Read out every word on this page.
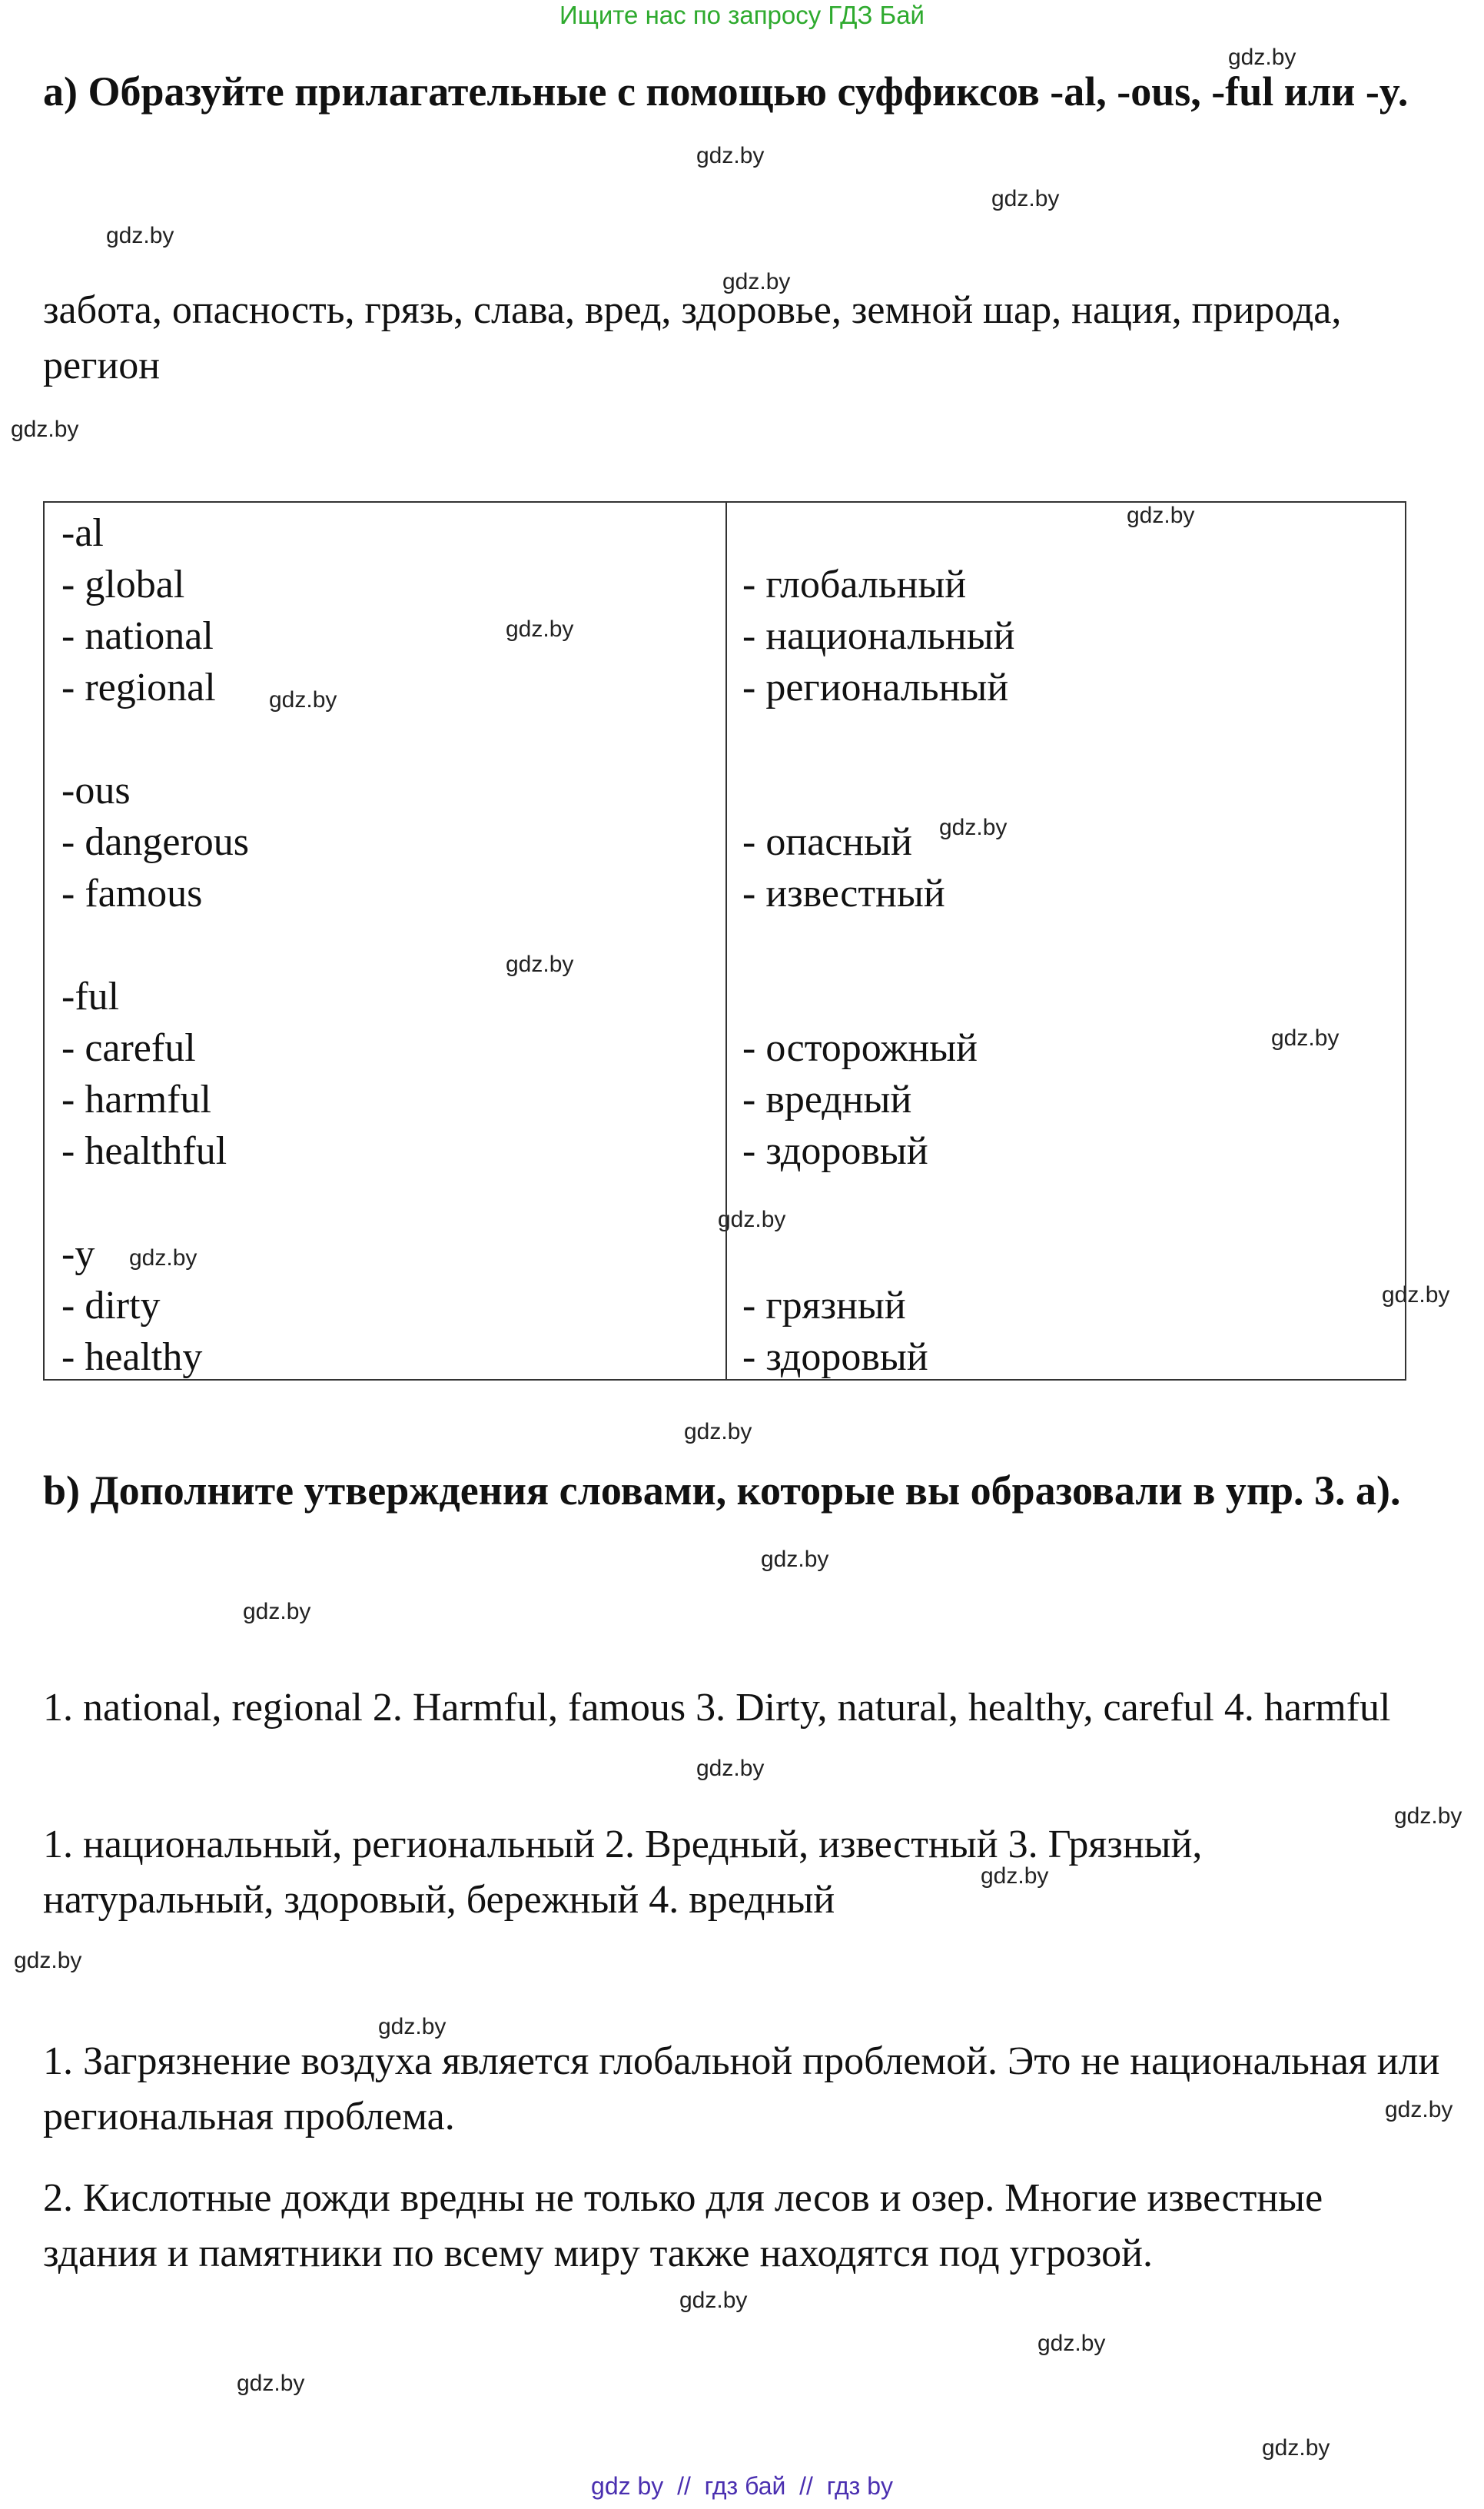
Ищите нас по запросу ГДЗ Бай
gdz.by
gdz.by
gdz.by
gdz.by
gdz.by
gdz.by
gdz.by
gdz.by
gdz.by
gdz.by
gdz.by
gdz.by
gdz.by
gdz.by
gdz.by
gdz.by
gdz.by
gdz.by
gdz.by
gdz.by
gdz.by
gdz.by
gdz.by
gdz.by
gdz.by
gdz.by
gdz.by
gdz.by

a) Образуйте прилагательные с помощью суффиксов -al, -ous, -ful или -y.

забота, опасность, грязь, слава, вред, здоровье, земной шар, нация, природа, регион

-al
- global
- national
- regional
-ous
- dangerous
- famous
-ful
- careful
- harmful
- healthful
-y
- dirty
- healthy
- глобальный
- национальный
- региональный
- опасный
- известный
- осторожный
- вредный
- здоровый
- грязный
- здоровый

b) Дополните утверждения словами, которые вы образовали в упр. 3. a).

1. national, regional 2. Harmful, famous 3. Dirty, natural, healthy, careful 4. harmful

1. национальный, региональный 2. Вредный, известный 3. Грязный, натуральный, здоровый, бережный 4. вредный

1. Загрязнение воздуха является глобальной проблемой. Это не национальная или региональная проблема.

2. Кислотные дожди вредны не только для лесов и озер. Многие известные здания и памятники по всему миру также находятся под угрозой.

gdz by  //  гдз бай  //  гдз by
